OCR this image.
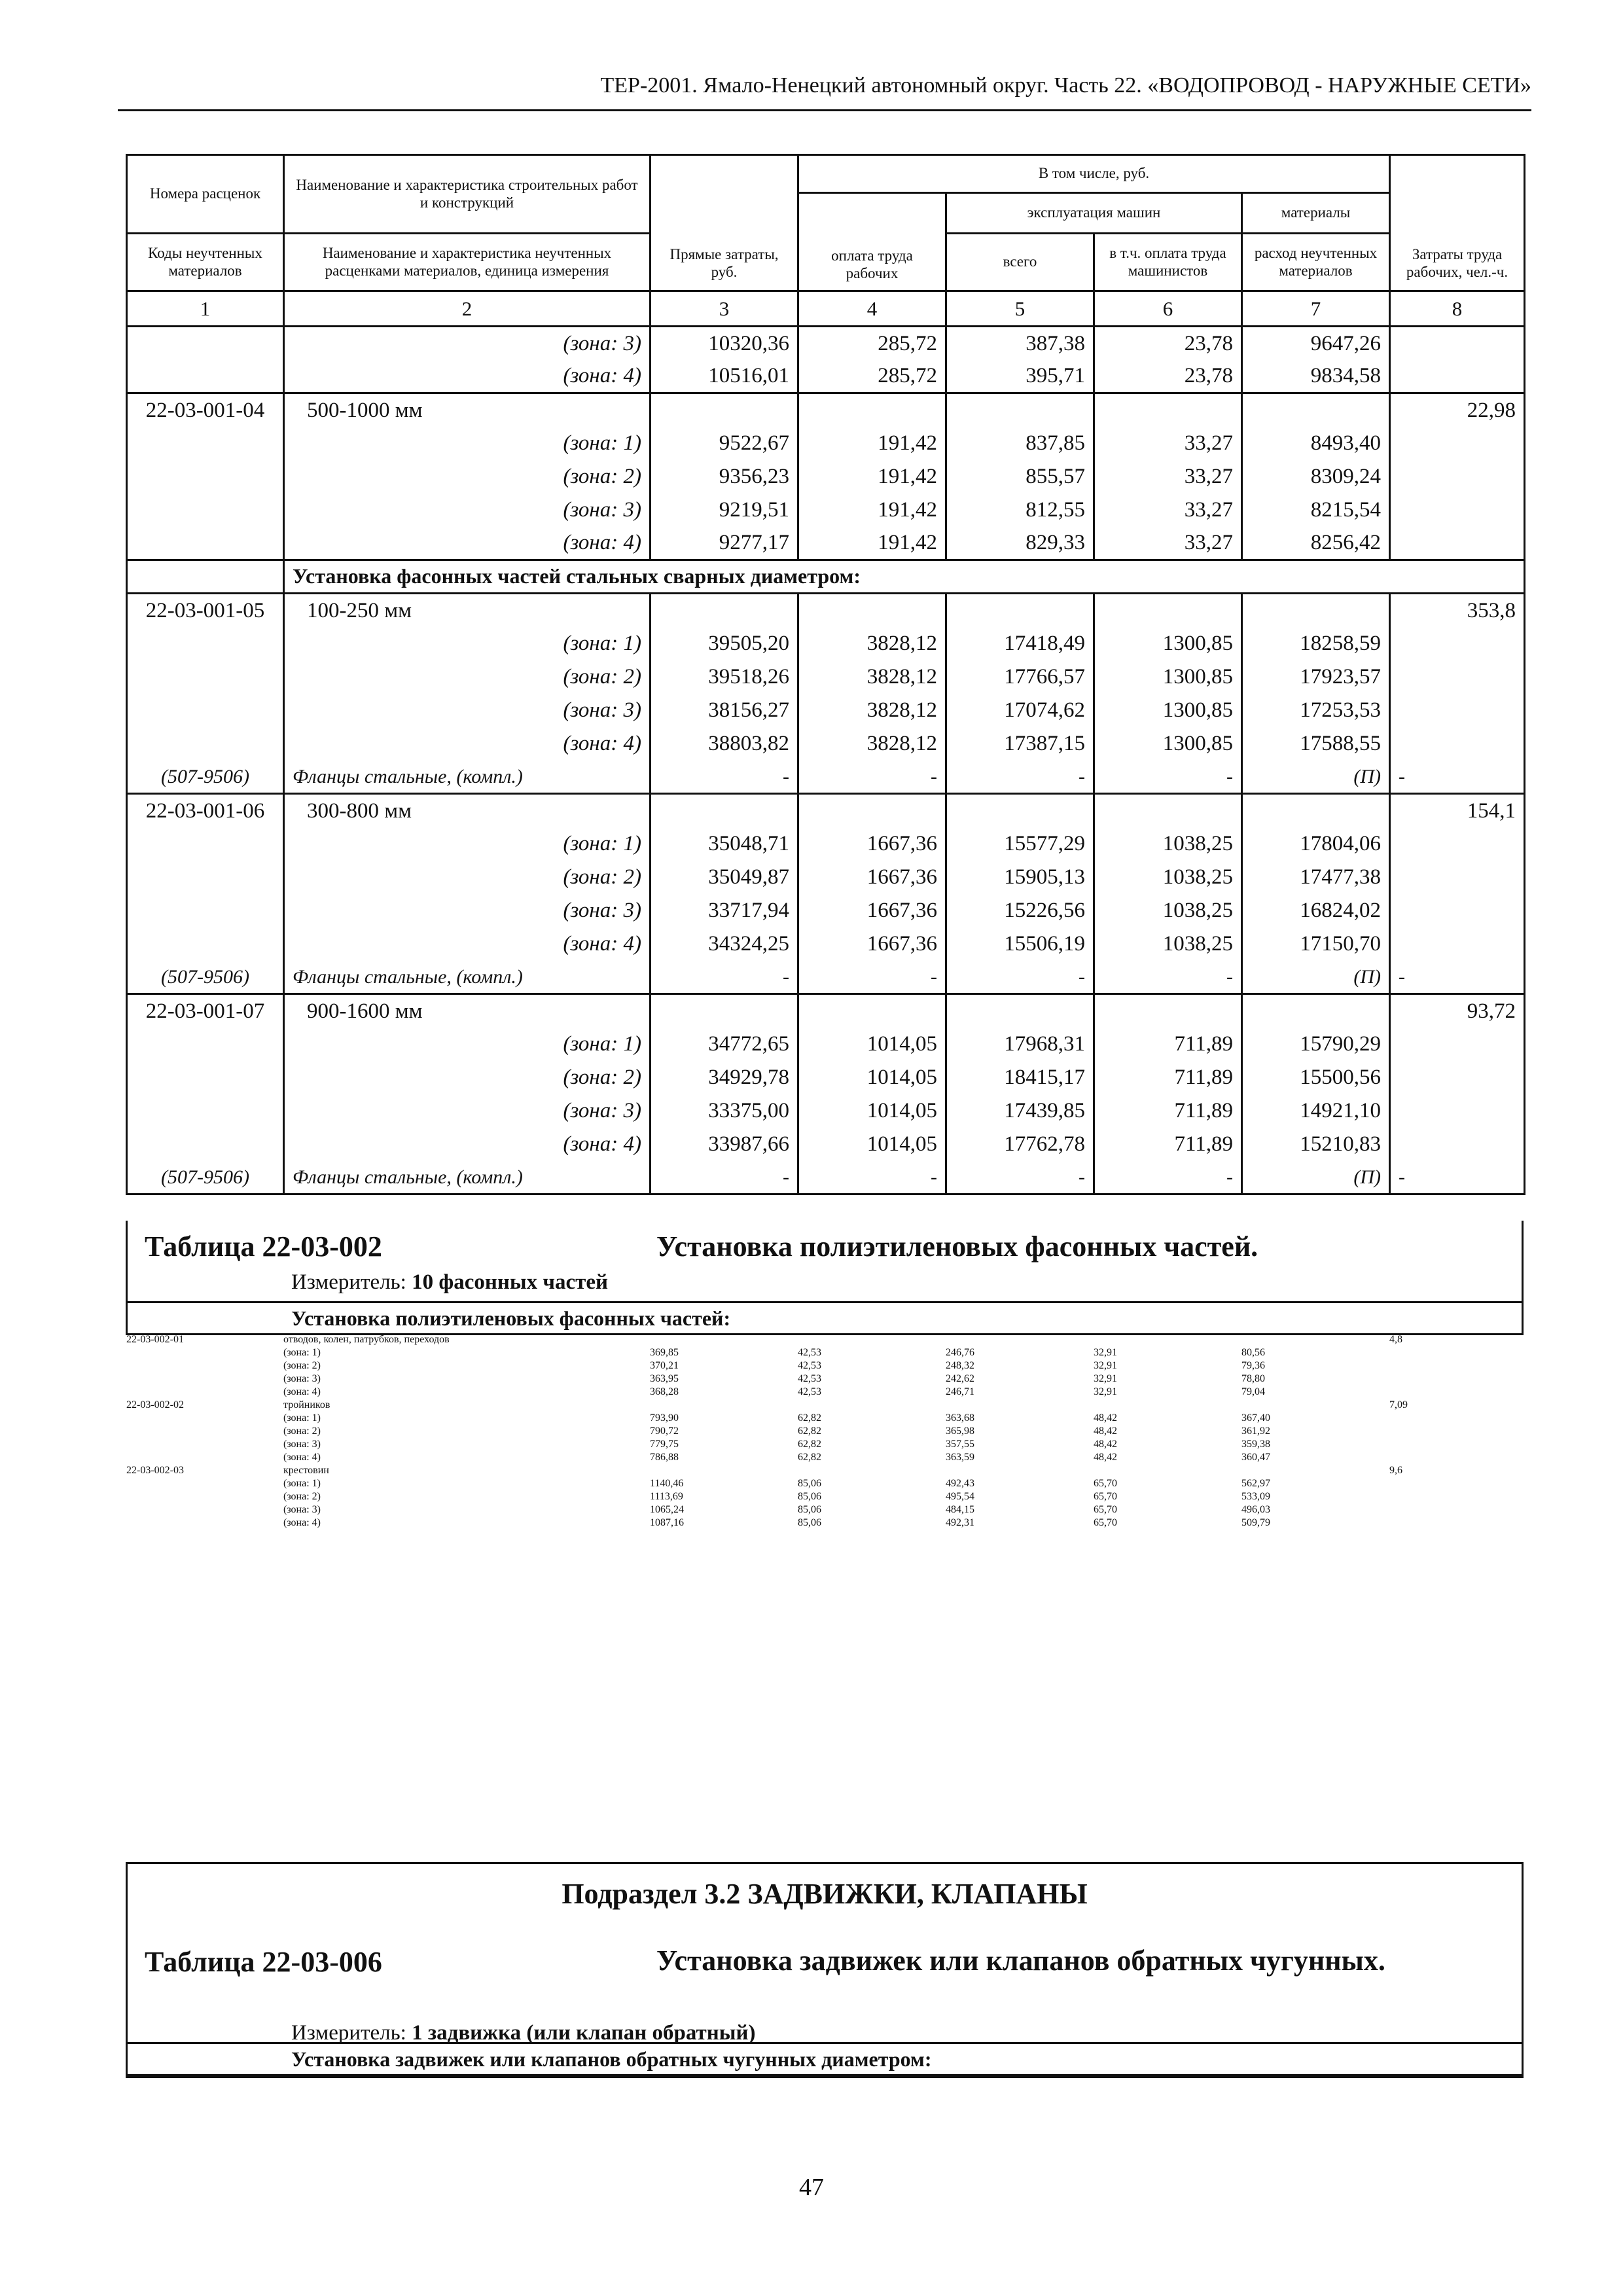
ТЕР-2001. Ямало-Ненецкий автономный округ. Часть 22. «ВОДОПРОВОД - НАРУЖНЫЕ СЕТИ»
Номера расценок	Наименование и характеристика строительных работ и конструкций	Прямые затраты, руб.	В том числе, руб.				Затраты труда рабочих, чел.-ч.
			оплата труда рабочих	эксплуатация машин		материалы	
Коды неучтенных материалов	Наименование и характеристика неучтенных расценками материалов, единица измерения			всего	в т.ч. оплата труда машинистов	расход неучтенных материалов	
1	2	3	4	5	6	7	8
	(зона: 3)	10320,36	285,72	387,38	23,78	9647,26	
	(зона: 4)	10516,01	285,72	395,71	23,78	9834,58	
22-03-001-04	500-1000 мм						22,98
	(зона: 1)	9522,67	191,42	837,85	33,27	8493,40	
	(зона: 2)	9356,23	191,42	855,57	33,27	8309,24	
	(зона: 3)	9219,51	191,42	812,55	33,27	8215,54	
	(зона: 4)	9277,17	191,42	829,33	33,27	8256,42	
	Установка фасонных частей стальных сварных диаметром:						
22-03-001-05	100-250 мм						353,8
	(зона: 1)	39505,20	3828,12	17418,49	1300,85	18258,59	
	(зона: 2)	39518,26	3828,12	17766,57	1300,85	17923,57	
	(зона: 3)	38156,27	3828,12	17074,62	1300,85	17253,53	
	(зона: 4)	38803,82	3828,12	17387,15	1300,85	17588,55	
(507-9506)	Фланцы стальные, (компл.)	-	-	-	-	(П)	-
22-03-001-06	300-800 мм						154,1
	(зона: 1)	35048,71	1667,36	15577,29	1038,25	17804,06	
	(зона: 2)	35049,87	1667,36	15905,13	1038,25	17477,38	
	(зона: 3)	33717,94	1667,36	15226,56	1038,25	16824,02	
	(зона: 4)	34324,25	1667,36	15506,19	1038,25	17150,70	
(507-9506)	Фланцы стальные, (компл.)	-	-	-	-	(П)	-
22-03-001-07	900-1600 мм						93,72
	(зона: 1)	34772,65	1014,05	17968,31	711,89	15790,29	
	(зона: 2)	34929,78	1014,05	18415,17	711,89	15500,56	
	(зона: 3)	33375,00	1014,05	17439,85	711,89	14921,10	
	(зона: 4)	33987,66	1014,05	17762,78	711,89	15210,83	
(507-9506)	Фланцы стальные, (компл.)	-	-	-	-	(П)	-
Таблица 22-03-002	Установка полиэтиленовых фасонных частей.
Измеритель: 10 фасонных частей
Установка полиэтиленовых фасонных частей:
22-03-002-01	отводов, колен, патрубков, переходов						4,8
	(зона: 1)	369,85	42,53	246,76	32,91	80,56	
	(зона: 2)	370,21	42,53	248,32	32,91	79,36	
	(зона: 3)	363,95	42,53	242,62	32,91	78,80	
	(зона: 4)	368,28	42,53	246,71	32,91	79,04	
22-03-002-02	тройников						7,09
	(зона: 1)	793,90	62,82	363,68	48,42	367,40	
	(зона: 2)	790,72	62,82	365,98	48,42	361,92	
	(зона: 3)	779,75	62,82	357,55	48,42	359,38	
	(зона: 4)	786,88	62,82	363,59	48,42	360,47	
22-03-002-03	крестовин						9,6
	(зона: 1)	1140,46	85,06	492,43	65,70	562,97	
	(зона: 2)	1113,69	85,06	495,54	65,70	533,09	
	(зона: 3)	1065,24	85,06	484,15	65,70	496,03	
	(зона: 4)	1087,16	85,06	492,31	65,70	509,79	
Подраздел 3.2 ЗАДВИЖКИ, КЛАПАНЫ
Таблица 22-03-006	Установка задвижек или клапанов обратных чугунных.
Измеритель: 1 задвижка (или клапан обратный)
Установка задвижек или клапанов обратных чугунных диаметром:
47
